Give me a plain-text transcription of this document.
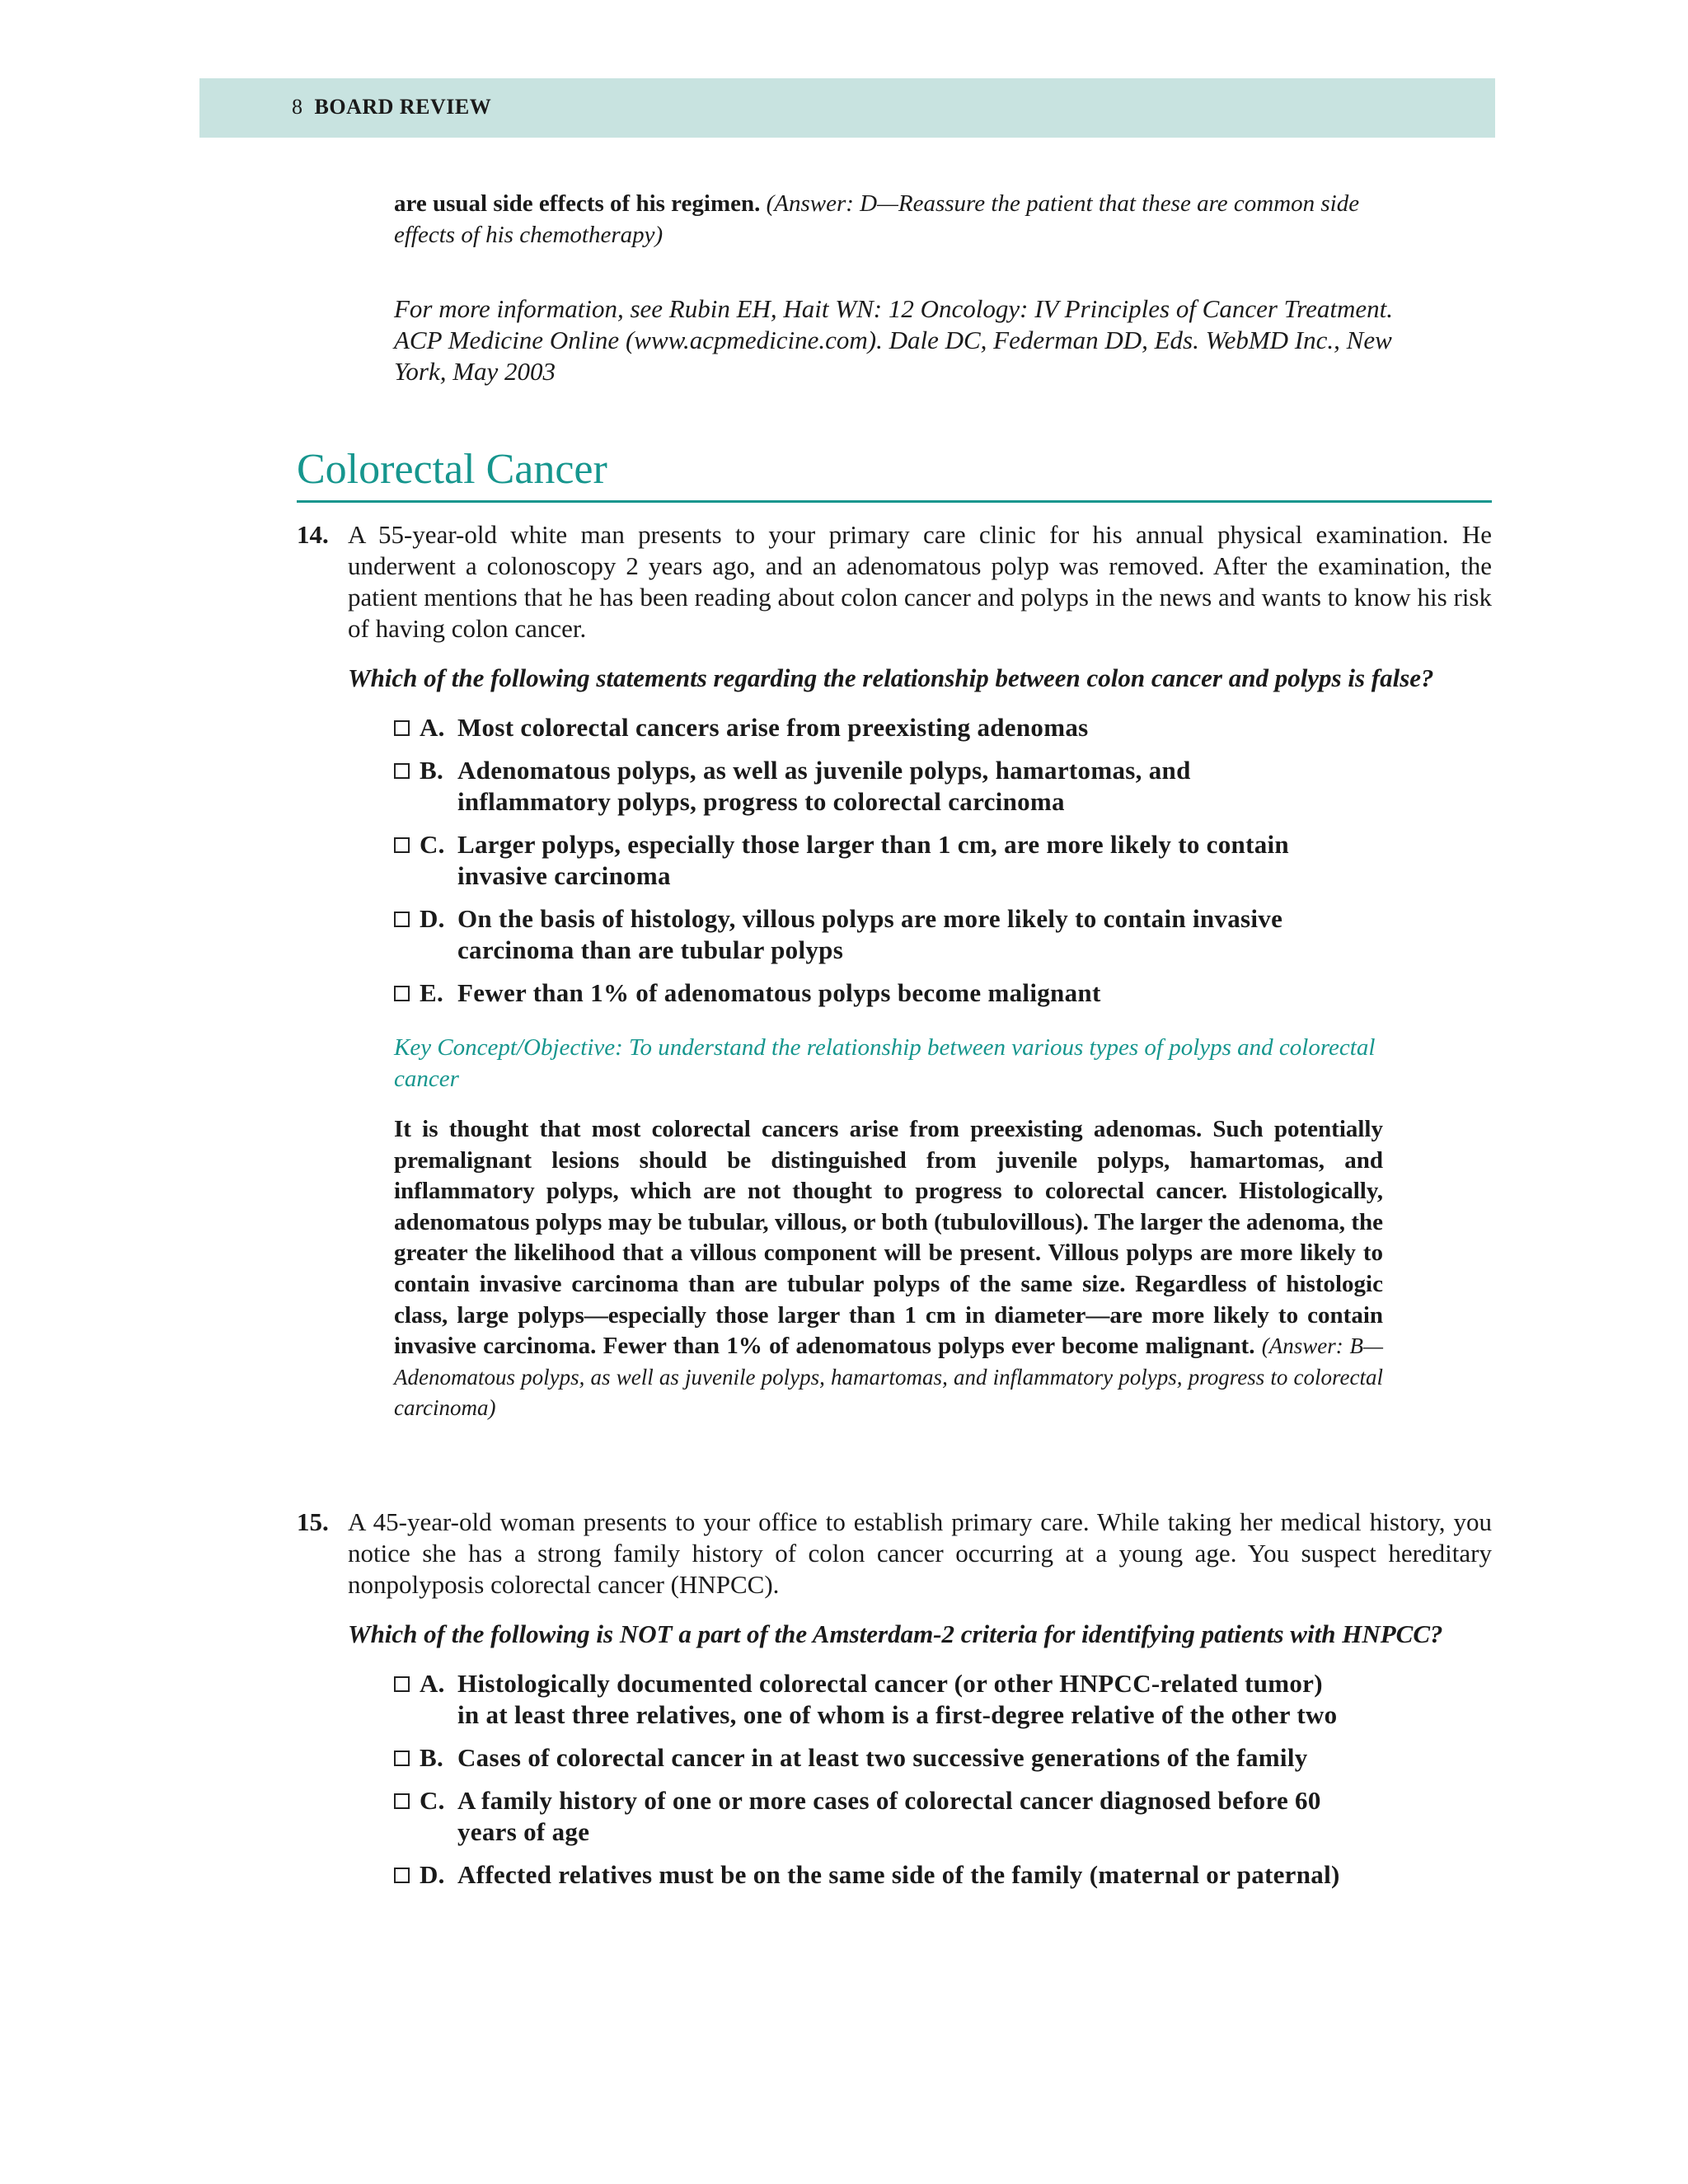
8 BOARD REVIEW
are usual side effects of his regimen. (Answer: D—Reassure the patient that these are common side effects of his chemotherapy)
For more information, see Rubin EH, Hait WN: 12 Oncology: IV Principles of Cancer Treatment. ACP Medicine Online (www.acpmedicine.com). Dale DC, Federman DD, Eds. WebMD Inc., New York, May 2003
Colorectal Cancer
14. A 55-year-old white man presents to your primary care clinic for his annual physical examination. He underwent a colonoscopy 2 years ago, and an adenomatous polyp was removed. After the examination, the patient mentions that he has been reading about colon cancer and polyps in the news and wants to know his risk of having colon cancer.
Which of the following statements regarding the relationship between colon cancer and polyps is false?
A. Most colorectal cancers arise from preexisting adenomas
B. Adenomatous polyps, as well as juvenile polyps, hamartomas, and inflammatory polyps, progress to colorectal carcinoma
C. Larger polyps, especially those larger than 1 cm, are more likely to contain invasive carcinoma
D. On the basis of histology, villous polyps are more likely to contain invasive carcinoma than are tubular polyps
E. Fewer than 1% of adenomatous polyps become malignant
Key Concept/Objective: To understand the relationship between various types of polyps and colorectal cancer
It is thought that most colorectal cancers arise from preexisting adenomas. Such potentially premalignant lesions should be distinguished from juvenile polyps, hamartomas, and inflammatory polyps, which are not thought to progress to colorectal cancer. Histologically, adenomatous polyps may be tubular, villous, or both (tubulovillous). The larger the adenoma, the greater the likelihood that a villous component will be present. Villous polyps are more likely to contain invasive carcinoma than are tubular polyps of the same size. Regardless of histologic class, large polyps—especially those larger than 1 cm in diameter—are more likely to contain invasive carcinoma. Fewer than 1% of adenomatous polyps ever become malignant. (Answer: B—Adenomatous polyps, as well as juvenile polyps, hamartomas, and inflammatory polyps, progress to colorectal carcinoma)
15. A 45-year-old woman presents to your office to establish primary care. While taking her medical history, you notice she has a strong family history of colon cancer occurring at a young age. You suspect hereditary nonpolyposis colorectal cancer (HNPCC).
Which of the following is NOT a part of the Amsterdam-2 criteria for identifying patients with HNPCC?
A. Histologically documented colorectal cancer (or other HNPCC-related tumor) in at least three relatives, one of whom is a first-degree relative of the other two
B. Cases of colorectal cancer in at least two successive generations of the family
C. A family history of one or more cases of colorectal cancer diagnosed before 60 years of age
D. Affected relatives must be on the same side of the family (maternal or paternal)
